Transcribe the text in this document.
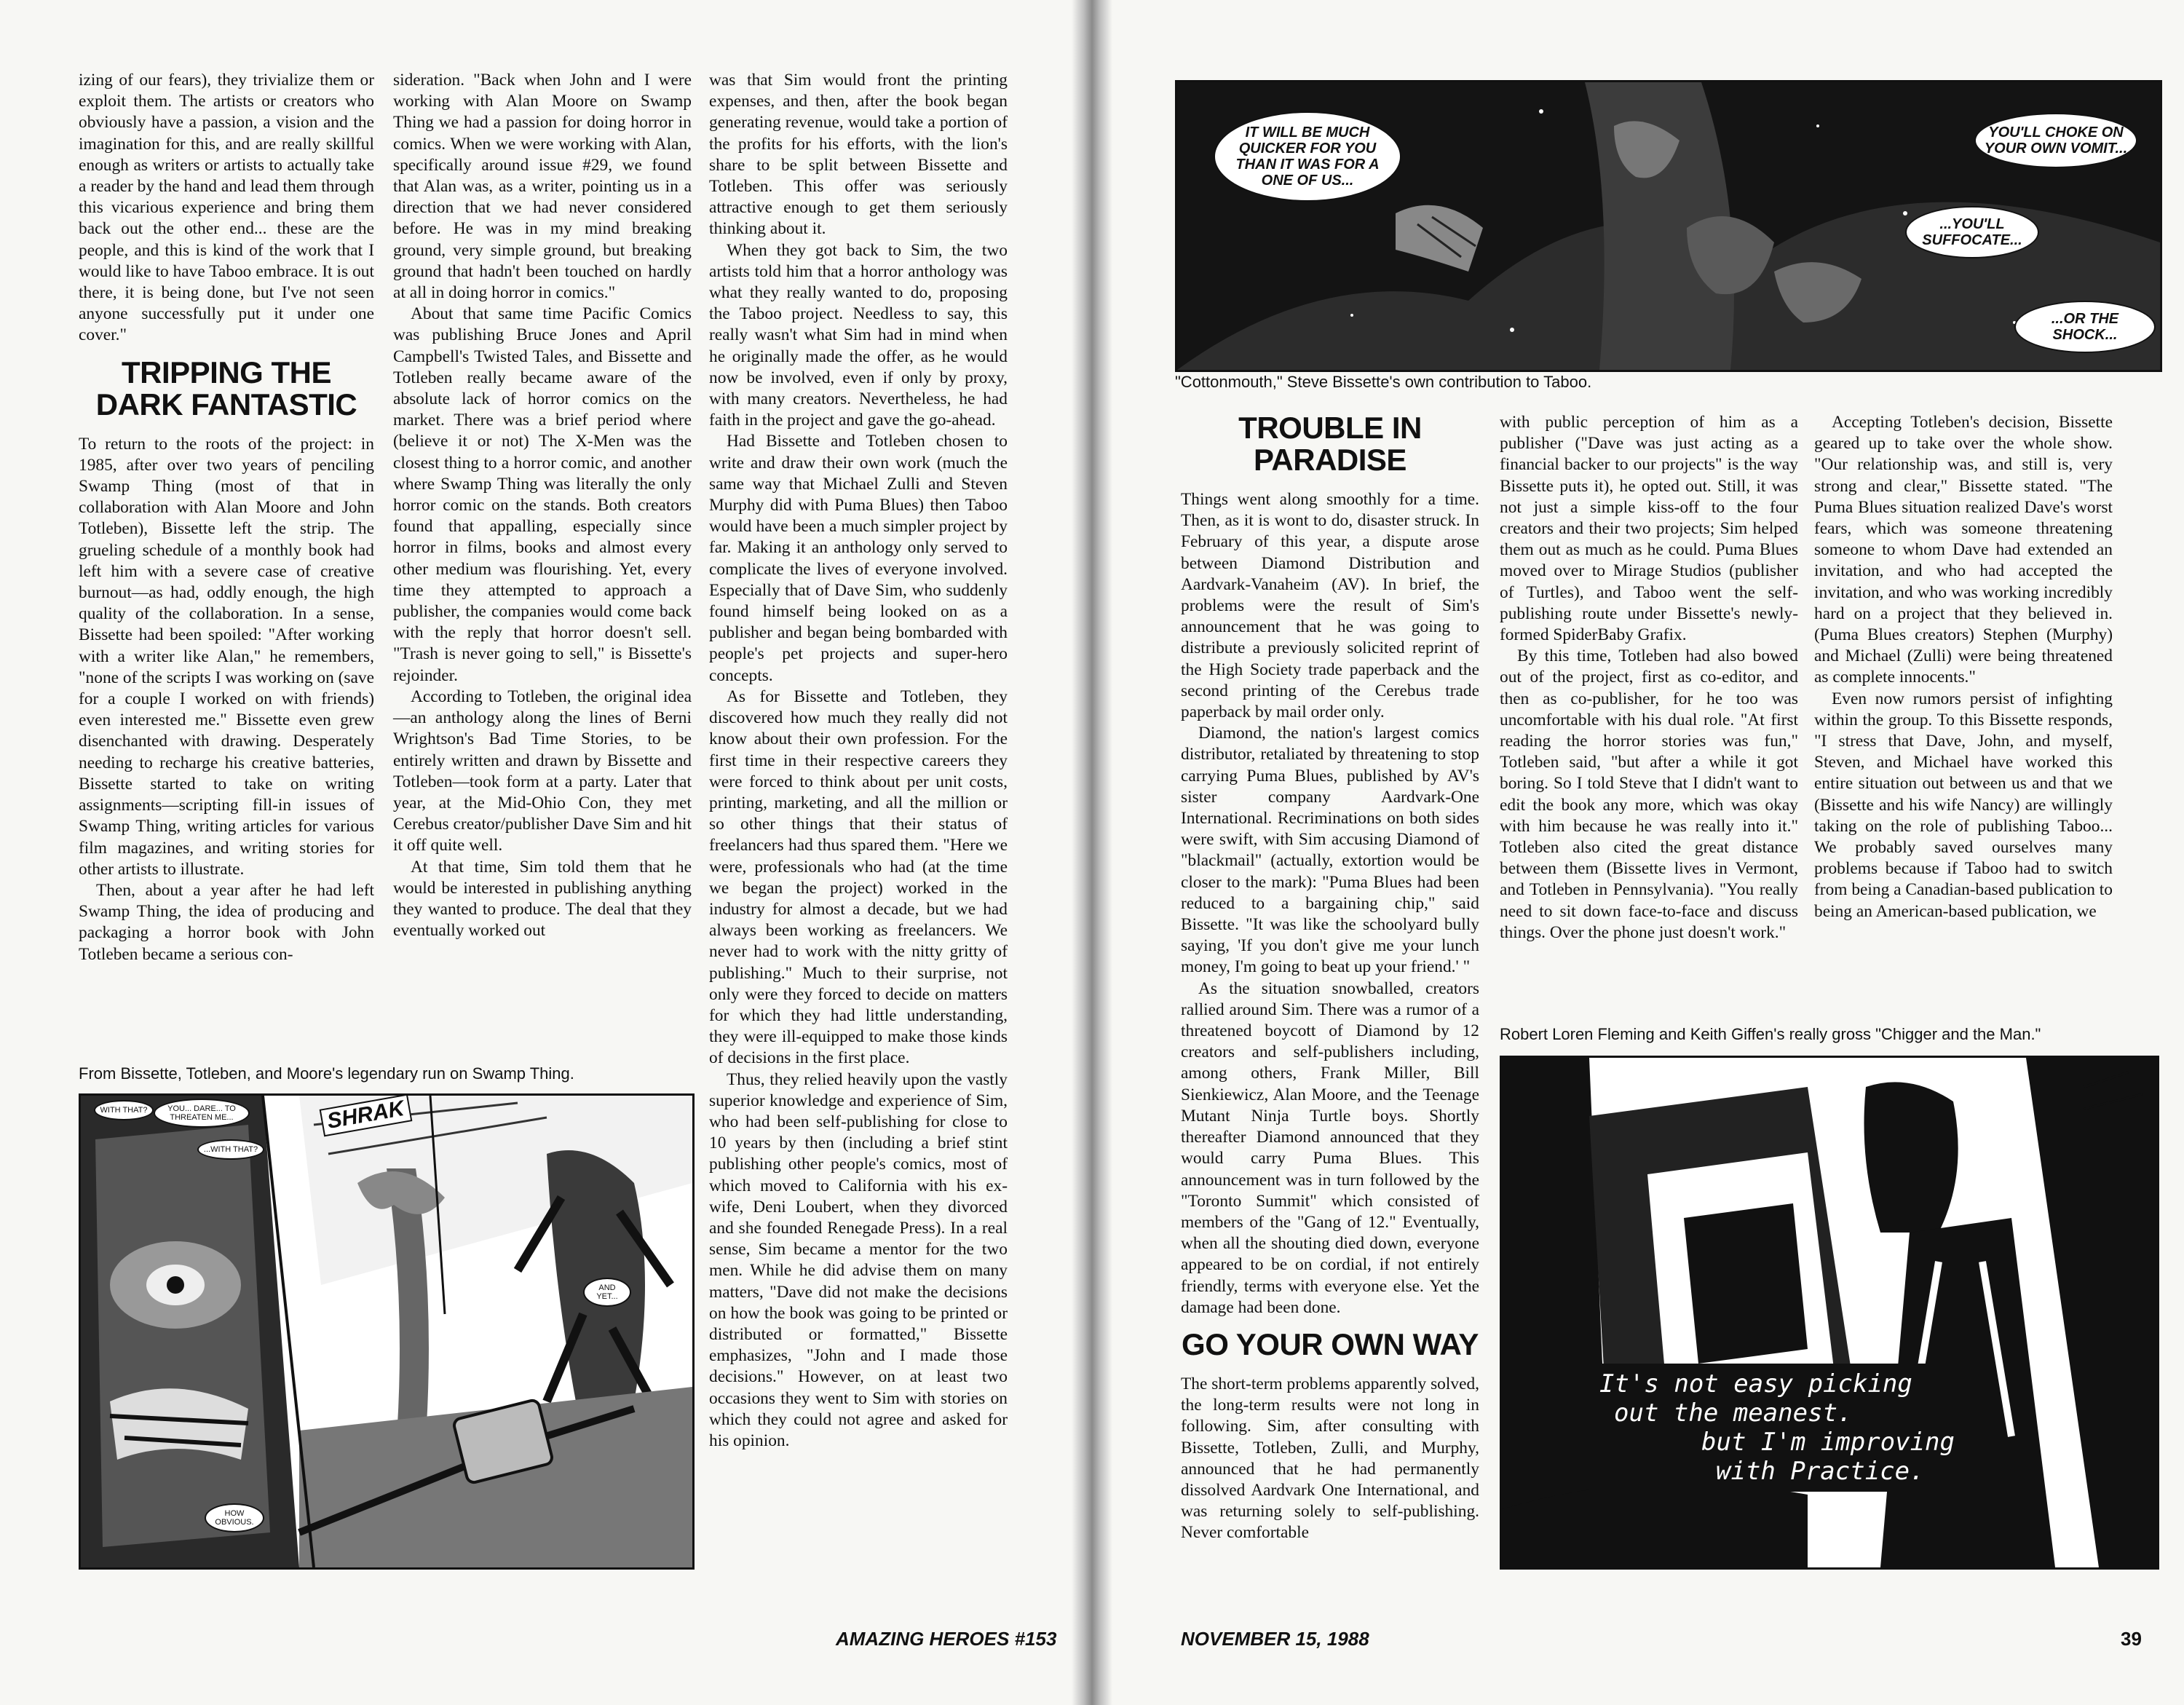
izing of our fears), they trivialize them or exploit them. The artists or creators who obviously have a passion, a vision and the imagination for this, and are really skillful enough as writers or artists to actually take a reader by the hand and lead them through this vicarious experience and bring them back out the other end... these are the people, and this is kind of the work that I would like to have Taboo embrace. It is out there, it is being done, but I've not seen anyone successfully put it under one cover."

TRIPPING THE DARK FANTASTIC

To return to the roots of the project: in 1985, after over two years of penciling Swamp Thing (most of that in collaboration with Alan Moore and John Totleben), Bissette left the strip. The grueling schedule of a monthly book had left him with a severe case of creative burnout—as had, oddly enough, the high quality of the collaboration. In a sense, Bissette had been spoiled: "After working with a writer like Alan," he remembers, "none of the scripts I was working on (save for a couple I worked on with friends) even interested me." Bissette even grew disenchanted with drawing. Desperately needing to recharge his creative batteries, Bissette started to take on writing assignments—scripting fill-in issues of Swamp Thing, writing articles for various film magazines, and writing stories for other artists to illustrate.

Then, about a year after he had left Swamp Thing, the idea of producing and packaging a horror book with John Totleben became a serious con-

sideration. "Back when John and I were working with Alan Moore on Swamp Thing we had a passion for doing horror in comics. When we were working with Alan, specifically around issue #29, we found that Alan was, as a writer, pointing us in a direction that we had never considered before. He was in my mind breaking ground, very simple ground, but breaking ground that hadn't been touched on hardly at all in doing horror in comics."

About that same time Pacific Comics was publishing Bruce Jones and April Campbell's Twisted Tales, and Bissette and Totleben really became aware of the absolute lack of horror comics on the market. There was a brief period where (believe it or not) The X-Men was the closest thing to a horror comic, and another where Swamp Thing was literally the only horror comic on the stands. Both creators found that appalling, especially since horror in films, books and almost every other medium was flourishing. Yet, every time they attempted to approach a publisher, the companies would come back with the reply that horror doesn't sell. "Trash is never going to sell," is Bissette's rejoinder.

According to Totleben, the original idea—an anthology along the lines of Berni Wrightson's Bad Time Stories, to be entirely written and drawn by Bissette and Totleben—took form at a party. Later that year, at the Mid-Ohio Con, they met Cerebus creator/publisher Dave Sim and hit it off quite well.

At that time, Sim told them that he would be interested in publishing anything they wanted to produce. The deal that they eventually worked out

was that Sim would front the printing expenses, and then, after the book began generating revenue, would take a portion of the profits for his efforts, with the lion's share to be split between Bissette and Totleben. This offer was seriously attractive enough to get them seriously thinking about it.

When they got back to Sim, the two artists told him that a horror anthology was what they really wanted to do, proposing the Taboo project. Needless to say, this really wasn't what Sim had in mind when he originally made the offer, as he would now be involved, even if only by proxy, with many creators. Nevertheless, he had faith in the project and gave the go-ahead.

Had Bissette and Totleben chosen to write and draw their own work (much the same way that Michael Zulli and Steven Murphy did with Puma Blues) then Taboo would have been a much simpler project by far. Making it an anthology only served to complicate the lives of everyone involved. Especially that of Dave Sim, who suddenly found himself being looked on as a publisher and began being bombarded with people's pet projects and super-hero concepts.

As for Bissette and Totleben, they discovered how much they really did not know about their own profession. For the first time in their respective careers they were forced to think about per unit costs, printing, marketing, and all the million or so other things that their status of freelancers had thus spared them. "Here we were, professionals who had (at the time we began the project) worked in the industry for almost a decade, but we had always been working as freelancers. We never had to work with the nitty gritty of publishing." Much to their surprise, not only were they forced to decide on matters for which they had little understanding, they were ill-equipped to make those kinds of decisions in the first place.

Thus, they relied heavily upon the vastly superior knowledge and experience of Sim, who had been self-publishing for close to 10 years by then (including a brief stint publishing other people's comics, most of which moved to California with his ex-wife, Deni Loubert, when they divorced and she founded Renegade Press). In a real sense, Sim became a mentor for the two men. While he did advise them on many matters, "Dave did not make the decisions on how the book was going to be printed or distributed or formatted," Bissette emphasizes, "John and I made those decisions." However, on at least two occasions they went to Sim with stories on which they could not agree and asked for his opinion.

From Bissette, Totleben, and Moore's legendary run on Swamp Thing.
WITH THAT?	YOU... DARE... TO THREATEN ME...
...WITH THAT?
AND YET...
HOW OBVIOUS.
SHRAK
AMAZING HEROES #153
IT WILL BE MUCH QUICKER FOR YOU THAN IT WAS FOR A ONE OF US...
YOU'LL CHOKE ON YOUR OWN VOMIT...
...YOU'LL SUFFOCATE...
...OR THE SHOCK...
"Cottonmouth," Steve Bissette's own contribution to Taboo.
TROUBLE IN PARADISE

Things went along smoothly for a time. Then, as it is wont to do, disaster struck. In February of this year, a dispute arose between Diamond Distribution and Aardvark-Vanaheim (AV). In brief, the problems were the result of Sim's announcement that he was going to distribute a previously solicited reprint of the High Society trade paperback and the second printing of the Cerebus trade paperback by mail order only.

Diamond, the nation's largest comics distributor, retaliated by threatening to stop carrying Puma Blues, published by AV's sister company Aardvark-One International. Recriminations on both sides were swift, with Sim accusing Diamond of "blackmail" (actually, extortion would be closer to the mark): "Puma Blues had been reduced to a bargaining chip," said Bissette. "It was like the schoolyard bully saying, 'If you don't give me your lunch money, I'm going to beat up your friend.' "

As the situation snowballed, creators rallied around Sim. There was a rumor of a threatened boycott of Diamond by 12 creators and self-publishers including, among others, Frank Miller, Bill Sienkiewicz, Alan Moore, and the Teenage Mutant Ninja Turtle boys. Shortly thereafter Diamond announced that they would carry Puma Blues. This announcement was in turn followed by the "Toronto Summit" which consisted of members of the "Gang of 12." Eventually, when all the shouting died down, everyone appeared to be on cordial, if not entirely friendly, terms with everyone else. Yet the damage had been done.

GO YOUR OWN WAY

The short-term problems apparently solved, the long-term results were not long in following. Sim, after consulting with Bissette, Totleben, Zulli, and Murphy, announced that he had permanently dissolved Aardvark One International, and was returning solely to self-publishing. Never comfortable

with public perception of him as a publisher ("Dave was just acting as a financial backer to our projects" is the way Bissette puts it), he opted out. Still, it was not just a simple kiss-off to the four creators and their two projects; Sim helped them out as much as he could. Puma Blues moved over to Mirage Studios (publisher of Turtles), and Taboo went the self-publishing route under Bissette's newly-formed SpiderBaby Grafix.

By this time, Totleben had also bowed out of the project, first as co-editor, and then as co-publisher, for he too was uncomfortable with his dual role. "At first reading the horror stories was fun," Totleben said, "but after a while it got boring. So I told Steve that I didn't want to edit the book any more, which was okay with him because he was really into it." Totleben also cited the great distance between them (Bissette lives in Vermont, and Totleben in Pennsylvania). "You really need to sit down face-to-face and discuss things. Over the phone just doesn't work."

Accepting Totleben's decision, Bissette geared up to take over the whole show. "Our relationship was, and still is, very strong and clear," Bissette stated. "The Puma Blues situation realized Dave's worst fears, which was someone threatening someone to whom Dave had extended an invitation, and who had accepted the invitation, and who was working incredibly hard on a project that they believed in. (Puma Blues creators) Stephen (Murphy) and Michael (Zulli) were being threatened as complete innocents."

Even now rumors persist of infighting within the group. To this Bissette responds, "I stress that Dave, John, and myself, Steven, and Michael have worked this entire situation out between us and that we (Bissette and his wife Nancy) are willingly taking on the role of publishing Taboo... We probably saved ourselves many problems because if Taboo had to switch from being a Canadian-based publication to being an American-based publication, we

Robert Loren Fleming and Keith Giffen's really gross "Chigger and the Man."
It's not easy picking
out the meanest.
but I'm improving
with Practice.
NOVEMBER 15, 1988	39
